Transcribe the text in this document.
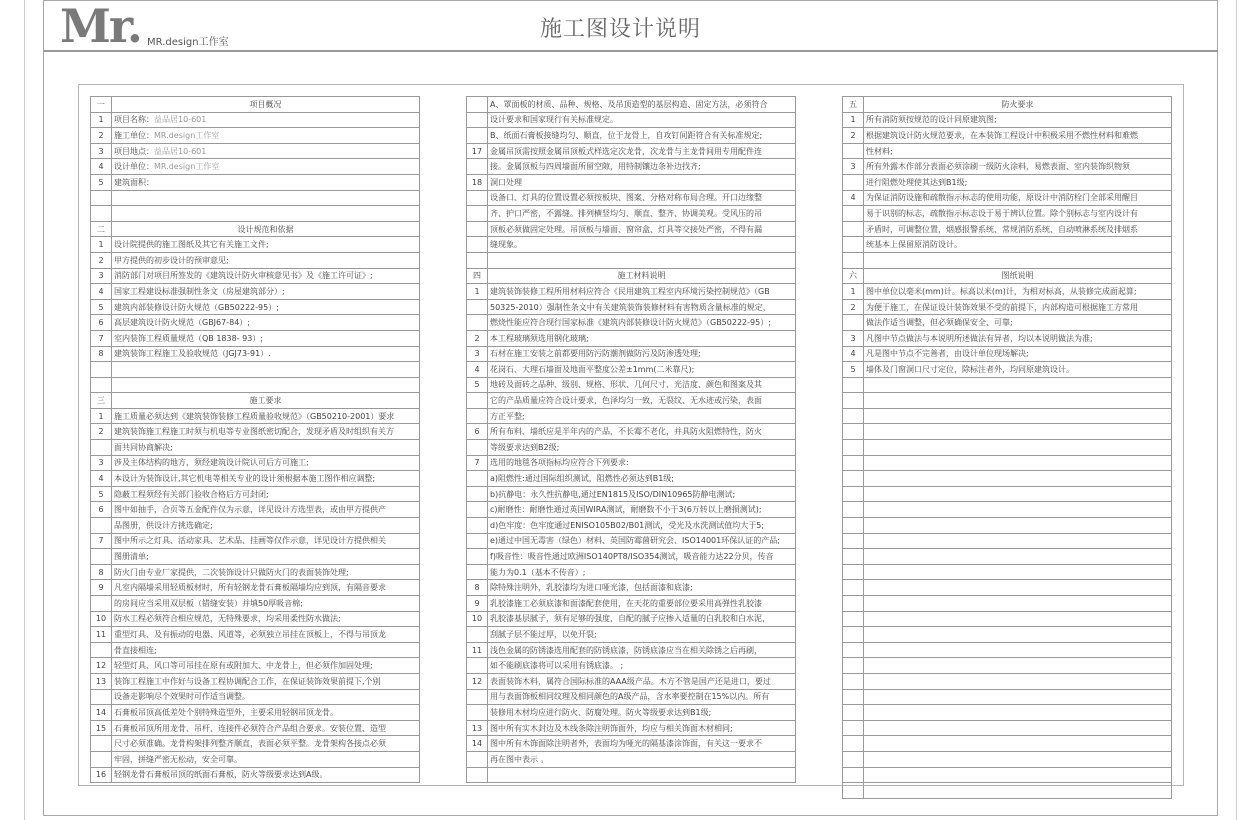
Mr. MR.design工作室
施工图设计说明
一	项目概况
1	项目名称：益品居10-601
2	施工单位：MR.design工作室
3	项目地点：益品居10-601
4	设计单位：MR.design工作室
5	建筑面积：

二	设计规范和依据
1	设计院提供的施工图纸及其它有关施工文件;
2	甲方提供的初步设计的预审意见;
3	消防部门对项目所签发的《建筑设计防火审核意见书》及《施工许可证》;
4	国家工程建设标准强制性条文（房屋建筑部分）;
5	建筑内部装修设计防火规范（GB50222-95）;
6	高层建筑设计防火规范（GBJ67-84）;
7	室内装饰工程质量规范（QB 1838- 93）;
8	建筑装饰工程施工及验收规范（JGJ73-91）.

三	施工要求
1	施工质量必须达到《建筑装饰装修工程质量验收规范》（GB50210-2001）要求
2	建筑装饰施工程施工时须与机电等专业图纸密切配合，发现矛盾及时组织有关方
	面共同协商解决;
3	涉及主体结构的地方，须经建筑设计院认可后方可施工;
4	本设计为装饰设计,其它机电等相关专业的设计须根据本施工图作相应调整;
5	隐蔽工程须经有关部门验收合格后方可封闭;
6	图中如抽手，合页等五金配件仅为示意，详见设计方选型表，或由甲方提供产
	品图册，供设计方挑选确定;
7	图中所示之灯具、活动家具、艺术品、挂画等仅作示意，详见设计方提供相关
	图册清单;
8	防火门由专业厂家提供，二次装饰设计只做防火门的表面装饰处理;
9	凡室内隔墙采用轻质板材时，所有轻钢龙骨石膏板隔墙均应到顶，有隔音要求
	的房间应当采用双层板（错缝安装）并填50厚吸音棉;
10	防水工程必须符合相应规范，无特殊要求，均采用柔性防水做法;
11	重型灯具、及有振动的电器、风道等，必须独立吊挂在顶板上，不得与吊顶龙
	骨直接相连;
12	轻型灯具、风口等可吊挂在原有或附加大、中龙骨上，但必须作加固处理;
13	装饰工程施工中作好与设备工程协调配合工作，在保证装饰效果前提下,个别
	设备走影响尽个效果时可作适当调整。
14	石膏板吊顶高低差处个别特殊造型外，主要采用轻钢吊顶龙骨。
15	石膏板吊顶所用龙骨、吊杆、连接件必须符合产品组合要求。安装位置、造型
	尺寸必须准确。龙骨构架排列整齐顺直，表面必须平整。龙骨架构各接点必须
	牢固，拼缝严密无松动，安全可靠。
16	轻钢龙骨石膏板吊顶的纸面石膏板，防火等级要求达到A级。
	A、罩面板的材质、品种、规格、及吊顶造型的基层构造、固定方法，必须符合
	设计要求和国家现行有关标准规定。
	B、纸面石膏板接缝均匀、顺直，位于龙骨上，自攻钉间距符合有关标准规定;
17	金属吊顶需按照金属吊顶板式样选定次龙骨，次龙骨与主龙骨间用专用配件连
	接。金属顶板与四周墙面所留空隙，用特制镶边条补边找齐;
18	洞口处理
	设备口、灯具的位置设置必须按板块、图案、分格对称布局合理。开口边缘整
	齐、护口严密，不露缝。排列横竖均匀、顺直、整齐、协调美观。受风压的吊
	顶板必须做固定处理。吊顶板与墙面、窗帘盒、灯具等交接处严密，不得有漏
	缝现象。

四	施工材料说明
1	建筑装饰装修工程所用材料应符合《民用建筑工程室内环境污染控制规范》（GB
	50325-2010）强制性条文中有关建筑装饰装修材料有害物质含量标准的规定，
	燃烧性能应符合现行国家标准《建筑内部装修设计防火规范》（GB50222-95）;
2	本工程玻璃须选用钢化玻璃;
3	石材在施工安装之前都要用防污防潮剂做防污及防渗透处理;
4	花岗石、大理石墙面及地面平整度公差±1mm(二米靠尺);
5	地砖及面砖之品种、级别、规格、形状、几何尺寸、光洁度、颜色和图案及其
	它的产品质量应符合设计要求，色泽均匀一致，无裂纹、无水迹或污染，表面
	方正平整;
6	所有布料、墙纸应是半年内的产品，不长霉不老化，并具防火阻燃特性，防火
	等级要求达到B2级;
7	选用的地毯各项指标均应符合下列要求:
	a)阻燃性:通过国际组织测试，阻燃性必须达到B1级;
	b)抗静电：永久性抗静电,通过EN1815及ISO/DIN10965防静电测试;
	c)耐磨性：耐磨性通过英国WIRA测试，耐磨数不小于3(6万转以上磨损测试);
	d)色牢度：色牢度通过ENISO105B02/B01测试，受光及水洗测试值均大于5;
	e)通过中国无毒害（绿色）材料、英国防霉菌研究会、ISO14001环保认证的产品;
	f)吸音性：吸音性通过欧洲ISO140PT8/ISO354测试，吸音能力达22分贝，传音
	能力为0.1（基本不传音）;
8	除特殊注明外，乳胶漆均为进口哑光漆，包括面漆和底漆;
9	乳胶漆施工必须底漆和面漆配套使用，在天花的重要部位要采用高弹性乳胶漆
10	乳胶漆基层腻子，须有足够的强度，自配的腻子应掺入适量的白乳胶和白水泥，
	刮腻子层不能过厚，以免开裂;
11	浅色金属的防锈漆选用配套的防锈底漆，防锈底漆应当在相关除锈之后再刷，
	如不能刷底漆将可以采用有锈底漆。 ;
12	表面装饰木料，属符合国际标准的AAA级产品。木方不管是国产还是进口，要过
	用与表面饰板相同纹理及相同颜色的A级产品，含水率要控制在15%以内。所有
	装修用木材均应进行防火、防腐处理。防火等级要求达到B1级;
13	图中所有实木封边及木线条除注明饰面外，均应与相关饰面木材相同;
14	图中所有木饰面除注明者外，表面均为哑光的隔基漆涂饰面，有关这一要求不
	再在图中表示 。

五	防火要求
1	所有消防须按规范的设计同原建筑图;
2	根据建筑设计防火规范要求，在本装饰工程设计中积极采用不燃性材料和难燃
	性材料;
3	所有外露木作部分表面必须涂刷一级防火涂料，易燃表面、室内装饰织物须
	进行阻燃处理使其达到B1级;
4	为保证消防设施和疏散指示标志的使用功能，原设计中消防栓门全部采用醒目
	易于识别的标志，疏散指示标志设于易于辨认位置。除个别标志与室内设计有
	矛盾时，可调整位置，烟感报警系统、常规消防系统、自动喷淋系统及排烟系
	统基本上保留原消防设计。

六	图纸说明
1	图中单位以毫米(mm)计。标高以米(m)计，为相对标高，从装修完成面起算;
2	为便于施工，在保证设计装饰效果不受的前提下，内部构造可根据施工方常用
	做法作适当调整，但必须确保安全、可靠;
3	凡图中节点做法与本说明所述做法有异者，均以本说明做法为准;
4	凡是图中节点不完善者，由设计单位现场解决;
5	墙体及门窗洞口尺寸定位，除标注者外，均同原建筑设计。
